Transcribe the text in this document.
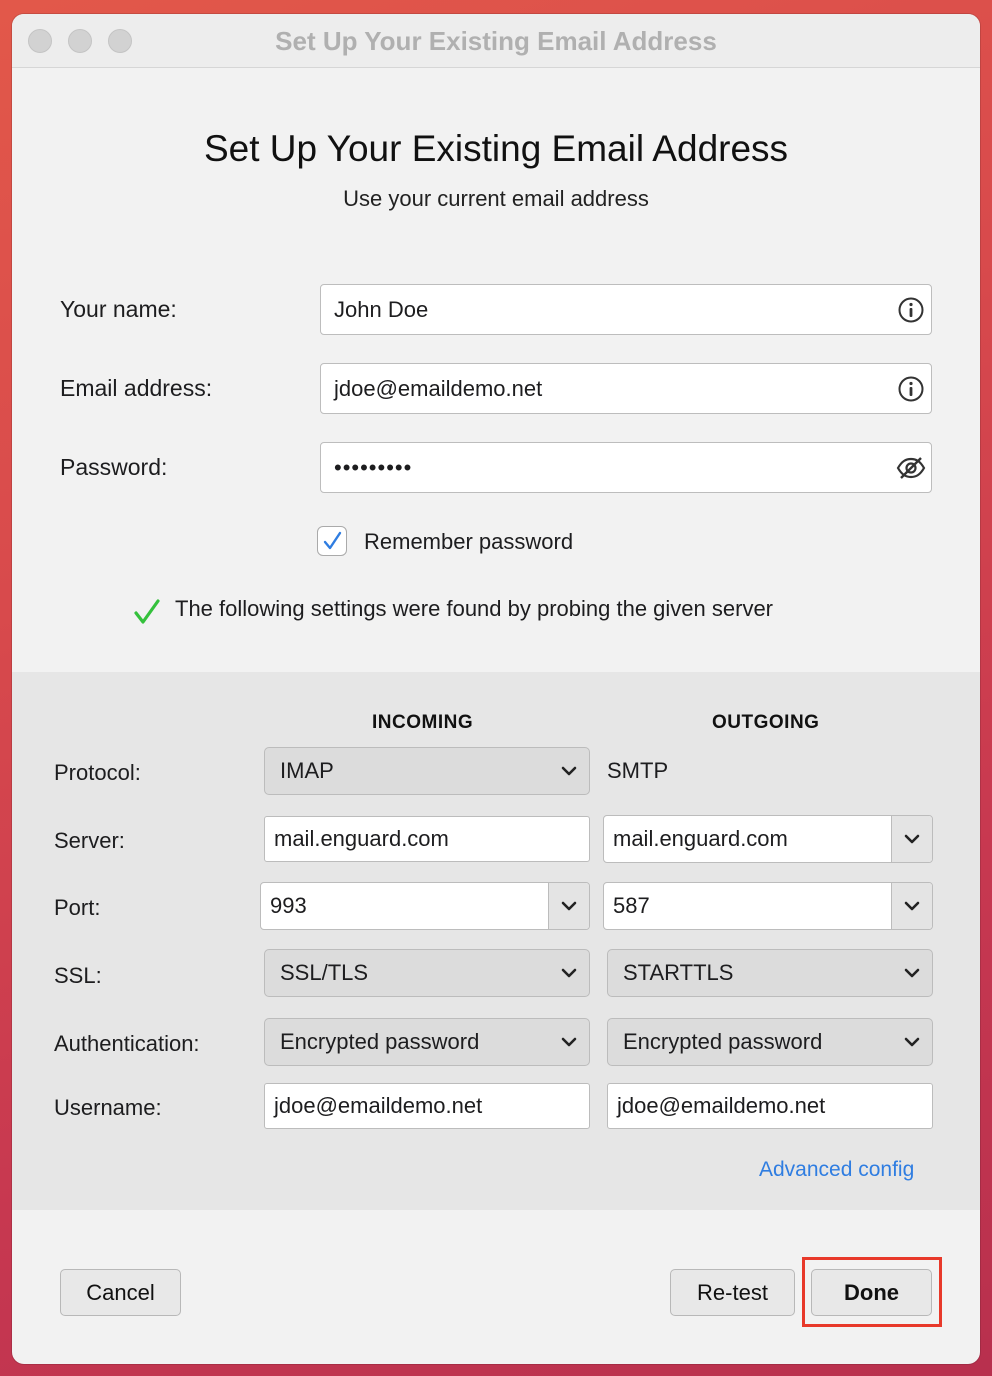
Set Up Your Existing Email Address
Set Up Your Existing Email Address
Use your current email address
Your name:	John Doe
Email address:	jdoe@emaildemo.net
Password:	•••••••••
Remember password
The following settings were found by probing the given server
INCOMING	OUTGOING
Protocol:	IMAP	SMTP
Server:	mail.enguard.com	mail.enguard.com
Port:	993	587
SSL:	SSL/TLS	STARTTLS
Authentication:	Encrypted password	Encrypted password
Username:	jdoe@emaildemo.net	jdoe@emaildemo.net
Advanced config
Cancel	Re-test	Done
